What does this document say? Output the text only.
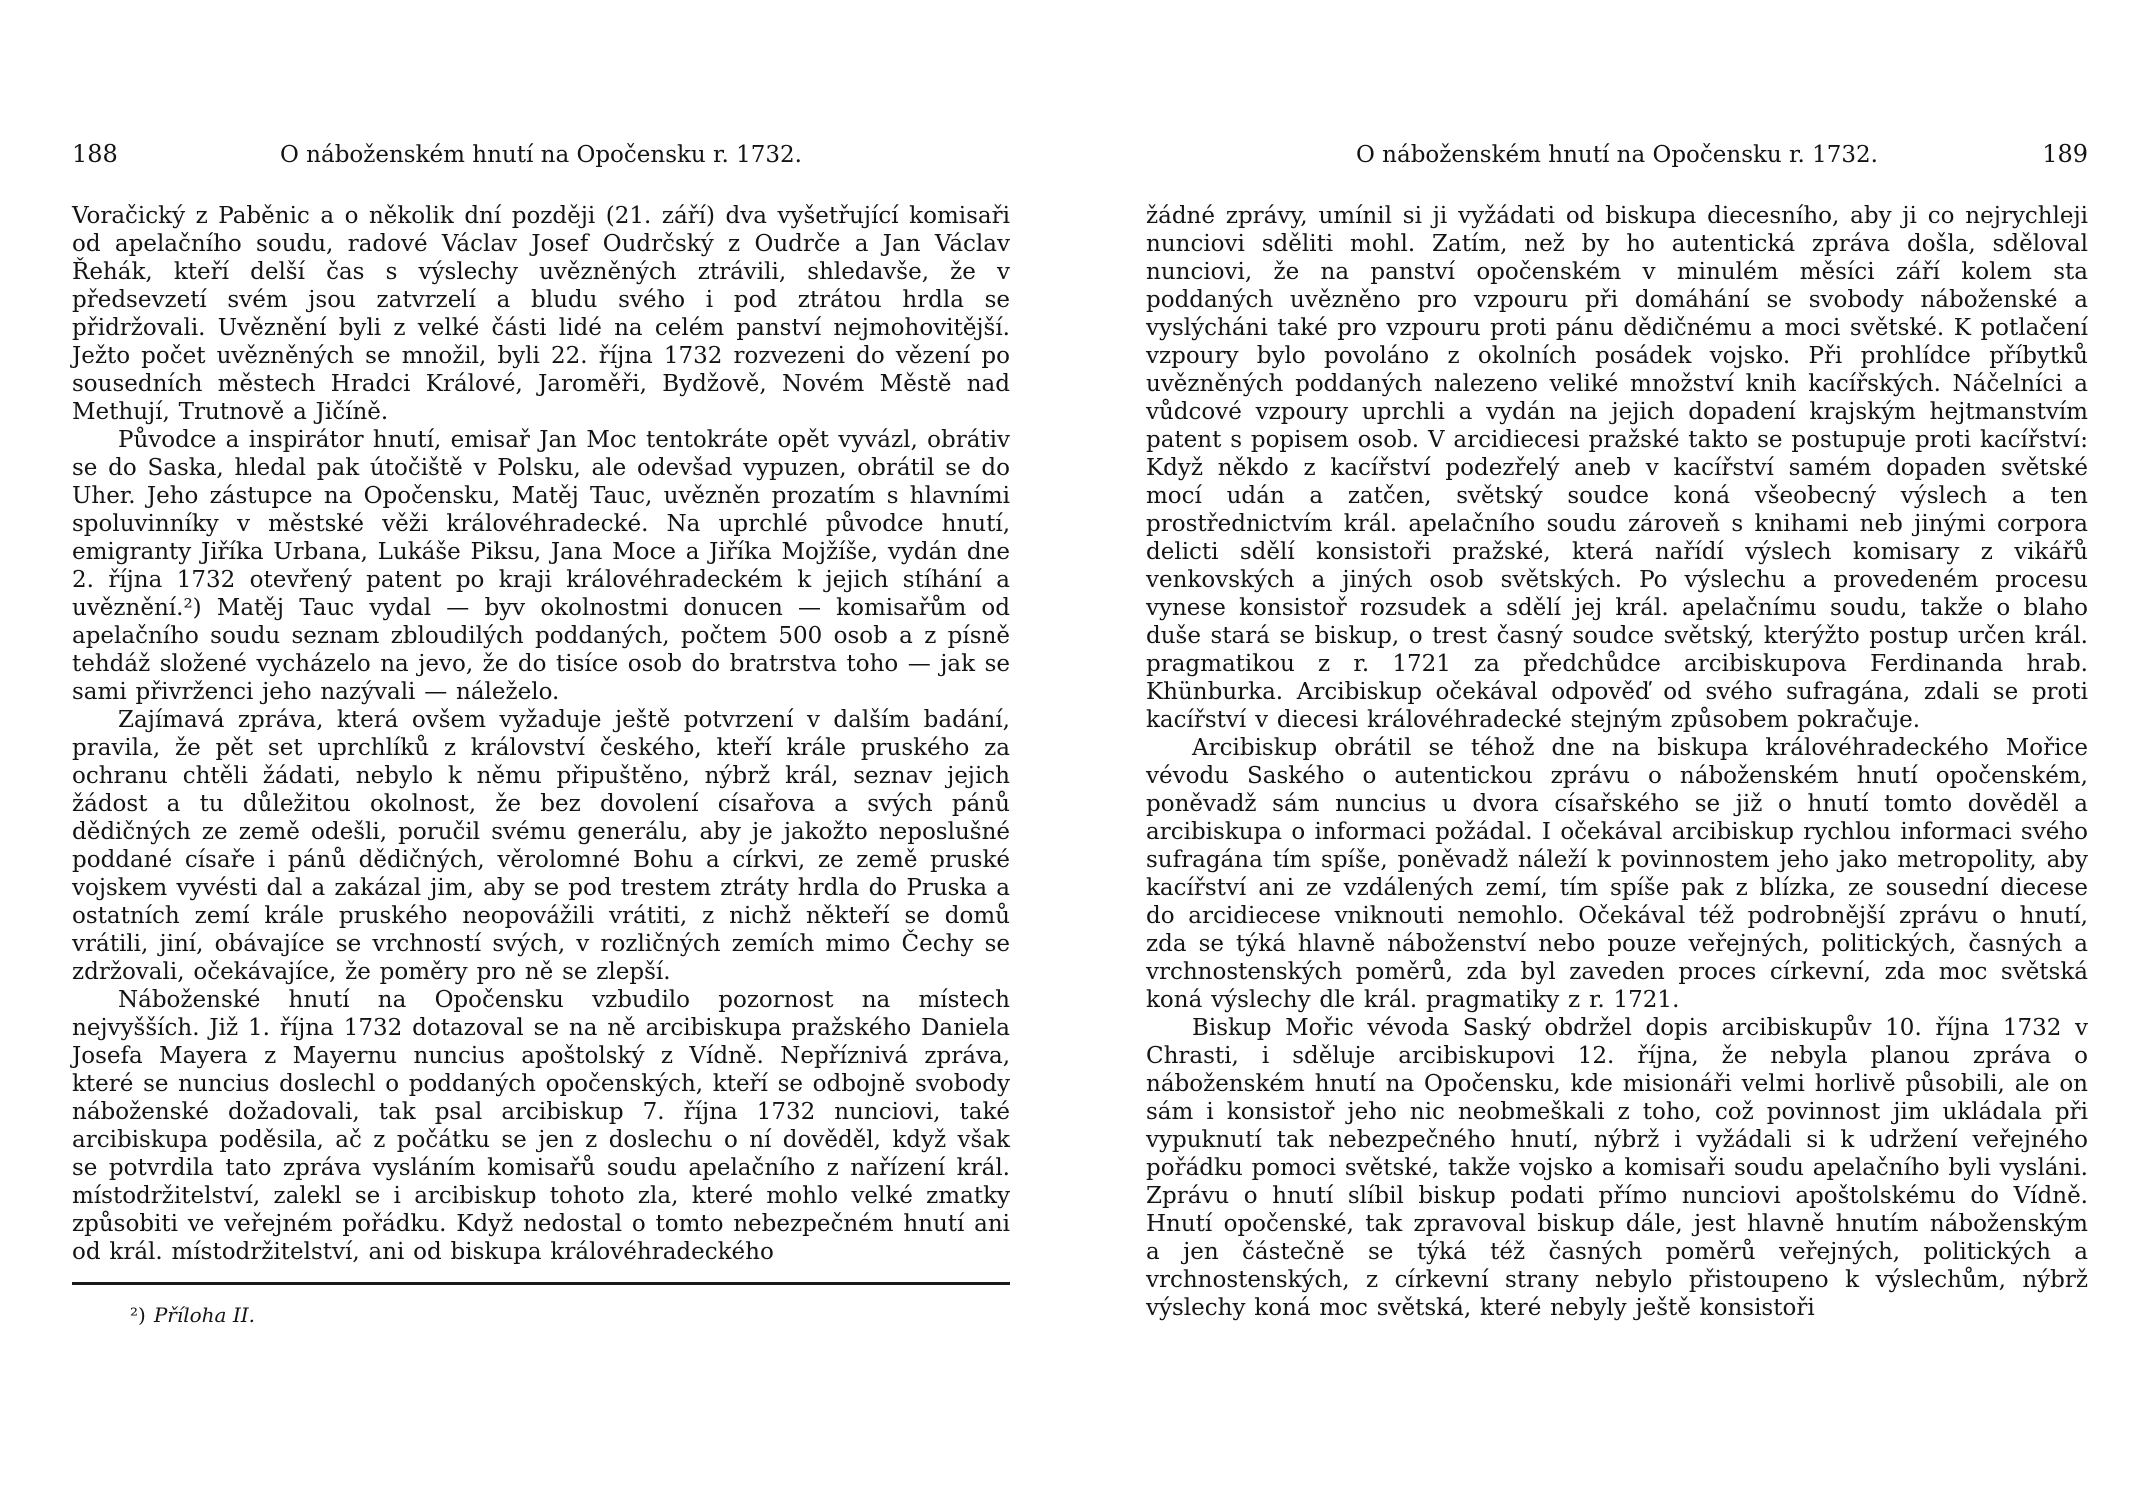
188	O náboženském hnutí na Opočensku r. 1732.

Voračický z Paběnic a o několik dní později (21. září) dva vyšetřující komisaři od apelačního soudu, radové Václav Josef Oudrčský z Oudrče a Jan Václav Řehák, kteří delší čas s výslechy uvězněných ztrávili, shledavše, že v předsevzetí svém jsou zatvrzelí a bludu svého i pod ztrátou hrdla se přidržovali. Uvěznění byli z velké části lidé na celém panství nejmohovitější. Ježto počet uvězněných se množil, byli 22. října 1732 rozvezeni do vězení po sousedních městech Hradci Králové, Jaroměři, Bydžově, Novém Městě nad Methují, Trutnově a Jičíně.

Původce a inspirátor hnutí, emisař Jan Moc tentokráte opět vyvázl, obrátiv se do Saska, hledal pak útočiště v Polsku, ale odevšad vypuzen, obrátil se do Uher. Jeho zástupce na Opočensku, Matěj Tauc, uvězněn prozatím s hlavními spoluvinníky v městské věži královéhradecké. Na uprchlé původce hnutí, emigranty Jiříka Urbana, Lukáše Piksu, Jana Moce a Jiříka Mojžíše, vydán dne 2. října 1732 otevřený patent po kraji královéhradeckém k jejich stíhání a uvěznění.²) Matěj Tauc vydal — byv okolnostmi donucen — komisařům od apelačního soudu seznam zbloudilých poddaných, počtem 500 osob a z písně tehdáž složené vycházelo na jevo, že do tisíce osob do bratrstva toho — jak se sami přivrženci jeho nazývali — náleželo.

Zajímavá zpráva, která ovšem vyžaduje ještě potvrzení v dalším badání, pravila, že pět set uprchlíků z království českého, kteří krále pruského za ochranu chtěli žádati, nebylo k němu připuštěno, nýbrž král, seznav jejich žádost a tu důležitou okolnost, že bez dovolení císařova a svých pánů dědičných ze země odešli, poručil svému generálu, aby je jakožto neposlušné poddané císaře i pánů dědičných, věrolomné Bohu a církvi, ze země pruské vojskem vyvésti dal a zakázal jim, aby se pod trestem ztráty hrdla do Pruska a ostatních zemí krále pruského neopovážili vrátiti, z nichž někteří se domů vrátili, jiní, obávajíce se vrchností svých, v rozličných zemích mimo Čechy se zdržovali, očekávajíce, že poměry pro ně se zlepší.

Náboženské hnutí na Opočensku vzbudilo pozornost na místech nejvyšších. Již 1. října 1732 dotazoval se na ně arcibiskupa pražského Daniela Josefa Mayera z Mayernu nuncius apoštolský z Vídně. Nepříznivá zpráva, které se nuncius doslechl o poddaných opočenských, kteří se odbojně svobody náboženské dožadovali, tak psal arcibiskup 7. října 1732 nunciovi, také arcibiskupa poděsila, ač z počátku se jen z doslechu o ní dověděl, když však se potvrdila tato zpráva vysláním komisařů soudu apelačního z nařízení král. místodržitelství, zalekl se i arcibiskup tohoto zla, které mohlo velké zmatky způsobiti ve veřejném pořádku. Když nedostal o tomto nebezpečném hnutí ani od král. místodržitelství, ani od biskupa královéhradeckého

²) Příloha II.
O náboženském hnutí na Opočensku r. 1732.	189

žádné zprávy, umínil si ji vyžádati od biskupa diecesního, aby ji co nejrychleji nunciovi sděliti mohl. Zatím, než by ho autentická zpráva došla, sděloval nunciovi, že na panství opočenském v minulém měsíci září kolem sta poddaných uvězněno pro vzpouru při domáhání se svobody náboženské a vyslýcháni také pro vzpouru proti pánu dědičnému a moci světské. K potlačení vzpoury bylo povoláno z okolních posádek vojsko. Při prohlídce příbytků uvězněných poddaných nalezeno veliké množství knih kacířských. Náčelníci a vůdcové vzpoury uprchli a vydán na jejich dopadení krajským hejtmanstvím patent s popisem osob. V arcidiecesi pražské takto se postupuje proti kacířství: Když někdo z kacířství podezřelý aneb v kacířství samém dopaden světské mocí udán a zatčen, světský soudce koná všeobecný výslech a ten prostřednictvím král. apelačního soudu zároveň s knihami neb jinými corpora delicti sdělí konsistoři pražské, která nařídí výslech komisary z vikářů venkovských a jiných osob světských. Po výslechu a provedeném procesu vynese konsistoř rozsudek a sdělí jej král. apelačnímu soudu, takže o blaho duše stará se biskup, o trest časný soudce světský, kterýžto postup určen král. pragmatikou z r. 1721 za předchůdce arcibiskupova Ferdinanda hrab. Khünburka. Arcibiskup očekával odpověď od svého sufragána, zdali se proti kacířství v diecesi královéhradecké stejným způsobem pokračuje.

Arcibiskup obrátil se téhož dne na biskupa královéhradeckého Mořice vévodu Saského o autentickou zprávu o náboženském hnutí opočenském, poněvadž sám nuncius u dvora císařského se již o hnutí tomto dověděl a arcibiskupa o informaci požádal. I očekával arcibiskup rychlou informaci svého sufragána tím spíše, poněvadž náleží k povinnostem jeho jako metropolity, aby kacířství ani ze vzdálených zemí, tím spíše pak z blízka, ze sousední diecese do arcidiecese vniknouti nemohlo. Očekával též podrobnější zprávu o hnutí, zda se týká hlavně náboženství nebo pouze veřejných, politických, časných a vrchnostenských poměrů, zda byl zaveden proces církevní, zda moc světská koná výslechy dle král. pragmatiky z r. 1721.

Biskup Mořic vévoda Saský obdržel dopis arcibiskupův 10. října 1732 v Chrasti, i sděluje arcibiskupovi 12. října, že nebyla planou zpráva o náboženském hnutí na Opočensku, kde misionáři velmi horlivě působili, ale on sám i konsistoř jeho nic neobmeškali z toho, což povinnost jim ukládala při vypuknutí tak nebezpečného hnutí, nýbrž i vyžádali si k udržení veřejného pořádku pomoci světské, takže vojsko a komisaři soudu apelačního byli vysláni. Zprávu o hnutí slíbil biskup podati přímo nunciovi apoštolskému do Vídně. Hnutí opočenské, tak zpravoval biskup dále, jest hlavně hnutím náboženským a jen částečně se týká též časných poměrů veřejných, politických a vrchnostenských, z církevní strany nebylo přistoupeno k výslechům, nýbrž výslechy koná moc světská, které nebyly ještě konsistoři
